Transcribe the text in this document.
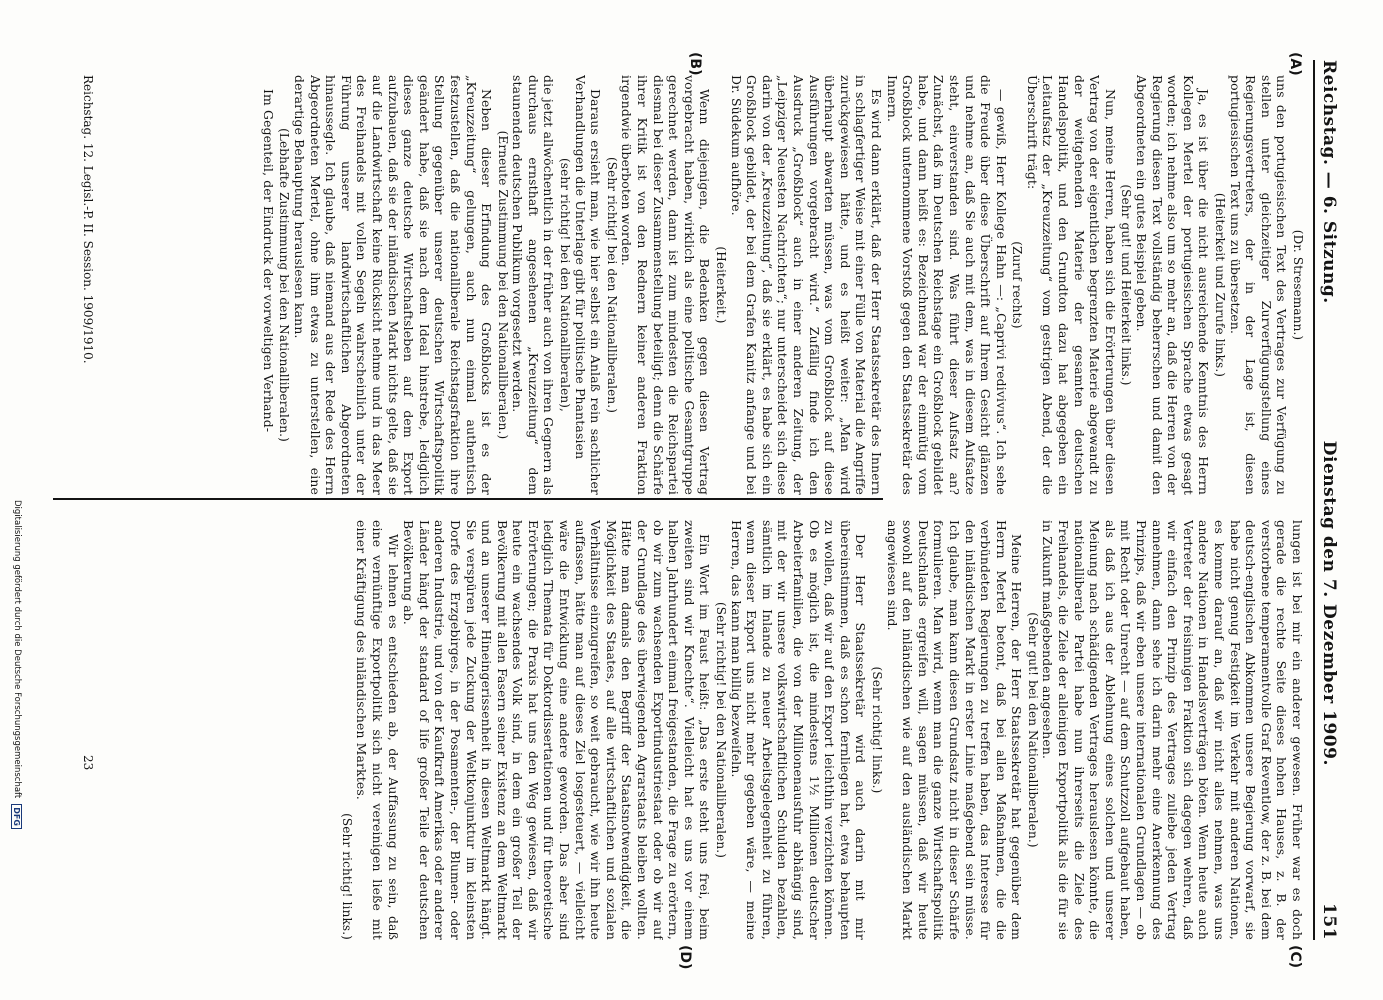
Reichstag. — 6. Sitzung.
Dienstag den 7. Dezember 1909.
151
(A)
(B)
(C)
(D)

(Dr. Stresemann.)

uns den portugiesischen Text des Vertrages zur Verfügung zu stellen unter gleichzeitiger Zurverfügungstellung eines Regierungsvertreters, der in der Lage ist, diesen portugiesischen Text uns zu übersetzen.

(Heiterkeit und Zurufe links.)

Ja, es ist über die nicht ausreichende Kenntnis des Herrn Kollegen Mertel der portugiesischen Sprache etwas gesagt worden; ich nehme also um so mehr an, daß die Herren von der Regierung diesen Text vollständig beherrschen und damit den Abgeordneten ein gutes Beispiel geben.

(Sehr gut! und Heiterkeit links.)

Nun, meine Herren, haben sich die Erörterungen über diesen Vertrag von der eigentlichen begrenzten Materie abgewandt zu der weitgehenden Materie der gesamten deutschen Handelspolitik, und den Grundton dazu hat abgegeben ein Leitaufsatz der „Kreuzzeitung“ vom gestrigen Abend, der die Überschrift trägt:

(Zuruf rechts)

— gewiß, Herr Kollege Hahn —: „Caprivi redivivus“. Ich sehe die Freude über diese Überschrift auf Ihrem Gesicht glänzen und nehme an, daß Sie auch mit dem, was in diesem Aufsatze steht, einverstanden sind. Was führt dieser Aufsatz an? Zunächst, daß im Deutschen Reichstage ein Großblock gebildet habe, und dann heißt es: Bezeichnend war der einmütig vom Großblock unternommene Vorstoß gegen den Staatssekretär des Innern.

Es wird dann erklärt, daß der Herr Staatssekretär des Innern in schlagfertiger Weise mit einer Fülle von Material die Angriffe zurückgewiesen hätte, und es heißt weiter: „Man wird überhaupt abwarten müssen, was vom Großblock auf diese Ausführungen vorgebracht wird.“ Zufällig finde ich den Ausdruck „Großblock“ auch in einer anderen Zeitung, der „Leipziger Neuesten Nachrichten“; nur unterscheidet sich diese darin von der „Kreuzzeitung“, daß sie erklärt, es habe sich ein Großblock gebildet, der bei dem Grafen Kanitz anfange und bei Dr. Südekum aufhöre.

(Heiterkeit.)

Wenn diejenigen, die Bedenken gegen diesen Vertrag vorgebracht haben, wirklich als eine politische Gesamtgruppe gerechnet werden, dann ist zum mindesten die Reichspartei diesmal bei dieser Zusammenstellung beteiligt; denn die Schärfe ihrer Kritik ist von den Rednern keiner anderen Fraktion irgendwie überboten worden.

(Sehr richtig! bei den Nationalliberalen.)

Daraus ersieht man, wie hier selbst ein Anlaß rein sachlicher Verhandlungen die Unterlage gibt für politische Phantasien

(sehr richtig! bei den Nationalliberalen),

die jetzt allwöchentlich in der früher auch von ihren Gegnern als durchaus ernsthaft angesehenen „Kreuzzeitung“ dem staunenden deutschen Publikum vorgesetzt werden.

(Erneute Zustimmung bei den Nationalliberalen.)

Neben dieser Erfindung des Großblocks ist es der „Kreuzzeitung“ gelungen, auch nun einmal authentisch festzustellen, daß die nationalliberale Reichstagsfraktion ihre Stellung gegenüber unserer deutschen Wirtschaftspolitik geändert habe, daß sie nach dem Ideal hinstrebe, lediglich dieses ganze deutsche Wirtschaftsleben auf dem Export aufzubauen, daß sie der inländischen Markt nichts gelte, daß sie auf die Landwirtschaft keine Rücksicht nehme und in das Meer des Freihandels mit vollen Segeln wahrscheinlich unter der Führung unserer landwirtschaftlichen Abgeordneten hinaussegle. Ich glaube, daß niemand aus der Rede des Herrn Abgeordneten Mertel, ohne ihm etwas zu unterstellen, eine derartige Behauptung herauslesen kann.

(Lebhafte Zustimmung bei den Nationalliberalen.)

Im Gegenteil, der Eindruck der vorweltigen Verhand-

lungen ist bei mir ein anderer gewesen. Früher war es doch gerade die rechte Seite dieses hohen Hauses, z. B. der verstorbene temperamentvolle Graf Reventlow, der z. B. bei dem deutsch-englischen Abkommen unsere Begierung vorwarf, sie habe nicht genug Festigkeit im Verkehr mit anderen Nationen, es komme darauf an, daß wir nicht alles nehmen, was uns andere Nationen in Handelsverträgen böten. Wenn heute auch Vertreter der freisinnigen Fraktion sich dagegen wehren, daß wir einfach den Prinzip des Vertrages zuliebe jeden Vertrag annehmen, dann sehe ich darin mehr eine Anerkennung des Prinzips, daß wir eben unsere internationalen Grundlagen — ob mit Recht oder Unrecht — auf dem Schutzzoll aufgebaut haben, als daß ich aus der Ablehnung eines solchen und unserer Meinung nach schädigenden Vertrages herauslesen könnte, die nationalliberale Partei habe nun ihrerseits die Ziele des Freihandels, die Ziele der alleinigen Exportpolitik als die für sie in Zukunft maßgebenden angesehen.

(Sehr gut! bei den Nationalliberalen.)

Meine Herren, der Herr Staatssekretär hat gegenüber dem Herrn Mertel betont, daß bei allen Maßnahmen, die die verbündeten Regierungen zu treffen haben, das Interesse für den inländischen Markt in erster Linie maßgebend sein müsse. Ich glaube, man kann diesen Grundsatz nicht in dieser Schärfe formulieren. Man wird, wenn man die ganze Wirtschaftspolitik Deutschlands ergreifen will, sagen müssen, daß wir heute sowohl auf den inländischen wie auf den ausländischen Markt angewiesen sind.

(Sehr richtig! links.)

Der Herr Staatssekretär wird auch darin mit mir übereinstimmen, daß es schon fernliegen hat, etwa behaupten zu wollen, daß wir auf den Export leichthin verzichten können. Ob es möglich ist, die mindestens 1½ Millionen deutscher Arbeiterfamilien, die von der Millionenausfuhr abhängig sind, mit der wir unsere volkswirtschaftlichen Schulden bezahlen, sämtlich im Inlande zu neuer Arbeitsgelegenheit zu führen, wenn dieser Export uns nicht mehr gegeben wäre, — meine Herren, das kann man billig bezweifeln.

(Sehr richtig! bei den Nationalliberalen.)

Ein Wort im Faust heißt: „Das erste steht uns frei, beim zweiten sind wir Knechte“. Vielleicht hat es uns vor einem halben Jahrhundert einmal freigestanden, die Frage zu erörtern, ob wir zum wachsenden Exportindustriestaat oder ob wir auf der Grundlage des überwiegenden Agrarstaats bleiben wollten. Hätte man damals den Begriff der Staatsnotwendigkeit, die Möglichkeit des Staates, auf alle wirtschaftlichen und sozialen Verhältnisse einzugreifen, so weit gebraucht, wie wir ihn heute auffassen, hätte man auf dieses Ziel losgesteuert, — vielleicht wäre die Entwicklung eine andere geworden. Das aber sind lediglich Themata für Doktordissertationen und für theoretische Erörterungen; die Praxis hat uns den Weg gewiesen, daß wir heute ein wachsendes Volk sind, in dem ein großer Teil der Bevölkerung mit allen Fasern seiner Existenz an dem Weltmarkt und an unserer Hineingerissenheit in diesen Weltmarkt hängt. Sie verspüren jede Zuckung der Weltkonjunktur im kleinsten Dorfe des Erzgebirges, in der Posamenten-, der Blumen- oder anderen Industrie, und von der Kaufkraft Amerikas oder anderer Länder hängt der standard of life großer Teile der deutschen Bevölkerung ab.

Wir lehnen es entschieden ab, der Auffassung zu sein, daß eine vernünftige Exportpolitik sich nicht vereinigen ließe mit einer Kräftigung des inländischen Marktes.

(Sehr richtig! links.)

Reichstag. 12. Legisl.-P. II. Session. 1909/1910.
23
Digitalisierung gefördert durch die Deutsche Forschungsgemeinschaft
DFG
